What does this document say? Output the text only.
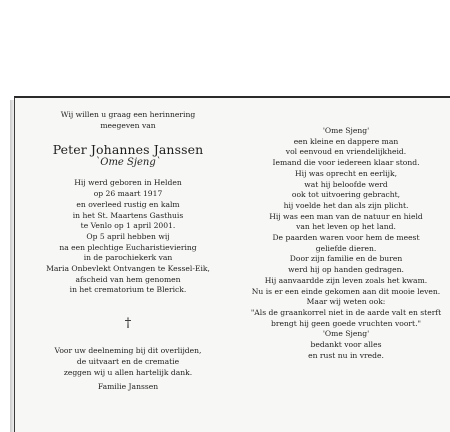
Wij willen u graag een herinnering
meegeven van
Peter Johannes Janssen
`Ome Sjeng`
Hij werd geboren in Helden
op 26 maart 1917
en overleed rustig en kalm
in het St. Maartens Gasthuis
te Venlo op 1 april 2001.
Op 5 april hebben wij
na een plechtige Eucharistieviering
in de parochiekerk van
Maria Onbevlekt Ontvangen te Kessel-Eik,
afscheid van hem genomen
in het crematorium te Blerick.
†
Voor uw deelneming bij dit overlijden,
de uitvaart en de crematie
zeggen wij u allen hartelijk dank.
Familie Janssen
'Ome Sjeng'
een kleine en dappere man
vol eenvoud en vriendelijkheid.
Iemand die voor iedereen klaar stond.
Hij was oprecht en eerlijk,
wat hij beloofde werd
ook tot uitvoering gebracht,
hij voelde het dan als zijn plicht.
Hij was een man van de natuur en hield
van het leven op het land.
De paarden waren voor hem de meest
geliefde dieren.
Door zijn familie en de buren
werd hij op handen gedragen.
Hij aanvaardde zijn leven zoals het kwam.
Nu is er een einde gekomen aan dit mooie leven.
Maar wij weten ook:
"Als de graankorrel niet in de aarde valt en sterft
brengt hij geen goede vruchten voort."
'Ome Sjeng'
bedankt voor alles
en rust nu in vrede.
